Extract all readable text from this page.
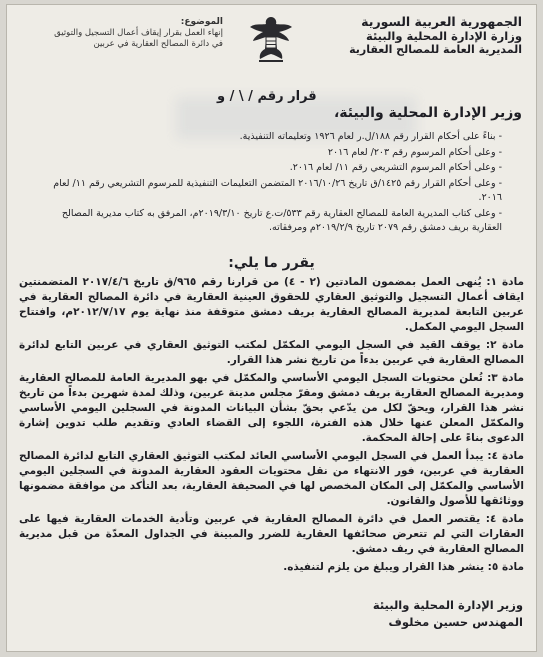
الجمهورية العربية السورية
وزارة الإدارة المحلية والبيئة
المديرية العامة للمصالح العقارية
الموضوع:
إنهاء العمل بقرار إيقاف أعمال التسجيل والتوثيق
في دائرة المصالح العقارية في عربين
قرار رقم / \ / و
وزير الإدارة المحلية والبيئة،

- بناءً على أحكام القرار رقم ١٨٨/ل.ر لعام ١٩٢٦ وتعليماته التنفيذية.

- وعلى أحكام المرسوم رقم ٢٠٣/ لعام ٢٠١٦

- وعلى أحكام المرسوم التشريعي رقم ١١/ لعام ٢٠١٦.

- وعلى أحكام القرار رقم ١٤٢٥/ق تاريخ ٢٠١٦/١٠/٢٦ المتضمن التعليمات التنفيذية للمرسوم التشريعي رقم ١١/ لعام ٢٠١٦.

- وعلى كتاب المديرية العامة للمصالح العقارية رقم ٥٣٣/ت.ع تاريخ ٢٠١٩/٣/١٠م، المرفق به كتاب مديرية المصالح العقارية بريف دمشق رقم ٢٠٧٩ تاريخ ٢٠١٩/٢/٩م ومرفقاته.

يقرر ما يلي:

مادة ١: يُنهى العمل بمضمون المادتين (٢ - ٤) من قرارنا رقم ٩٦٥/ق تاريخ ٢٠١٧/٤/٦ المتضمنتين ايقاف أعمال التسجيل والتوثيق العقاري للحقوق العينية العقارية في دائرة المصالح العقارية في عربين التابعة لمديرية المصالح العقارية بريف دمشق متوقفة منذ نهاية يوم ٢٠١٢/٧/١٧م، وافتتاح السجل اليومي المكمل.

مادة ٢: يوقف القيد في السجل اليومي المكمّل لمكتب التوثيق العقاري في عربين التابع لدائرة المصالح العقارية في عربين بدءاً من تاريخ نشر هذا القرار.

مادة ٣: تُعلن محتويات السجل اليومي الأساسي والمكمّل في بهو المديرية العامة للمصالح العقارية ومديرية المصالح العقارية بريف دمشق ومقرّ مجلس مدينة عربين، وذلك لمدة شهرين بدءاً من تاريخ نشر هذا القرار، ويحقّ لكل من يدّعي بحقّ بشأن البيانات المدونة في السجلين اليومي الأساسي والمكمّل المعلن عنها خلال هذه الفترة، اللجوء إلى القضاء العادي وتقديم طلب تدوين إشارة الدعوى بناءً على إحالة المحكمة.

مادة ٤: يبدأ العمل في السجل اليومي الأساسي العائد لمكتب التوثيق العقاري التابع لدائرة المصالح العقارية في عربين، فور الانتهاء من نقل محتويات العقود العقارية المدونة في السجلين اليومي الأساسي والمكمّل إلى المكان المخصص لها في الصحيفة العقارية، بعد التأكد من موافقة مضمونها ووثائقها للأصول والقانون.

مادة ٤: يقتصر العمل في دائرة المصالح العقارية في عربين وتأدية الخدمات العقارية فيها على العقارات التي لم تتعرض صحائفها العقارية للضرر والمبينة في الجداول المعدّة من قبل مديرية المصالح العقارية في ريف دمشق.

مادة ٥: ينشر هذا القرار ويبلغ من يلزم لتنفيذه.

وزير الإدارة المحلية والبيئة
المهندس حسين مخلوف
